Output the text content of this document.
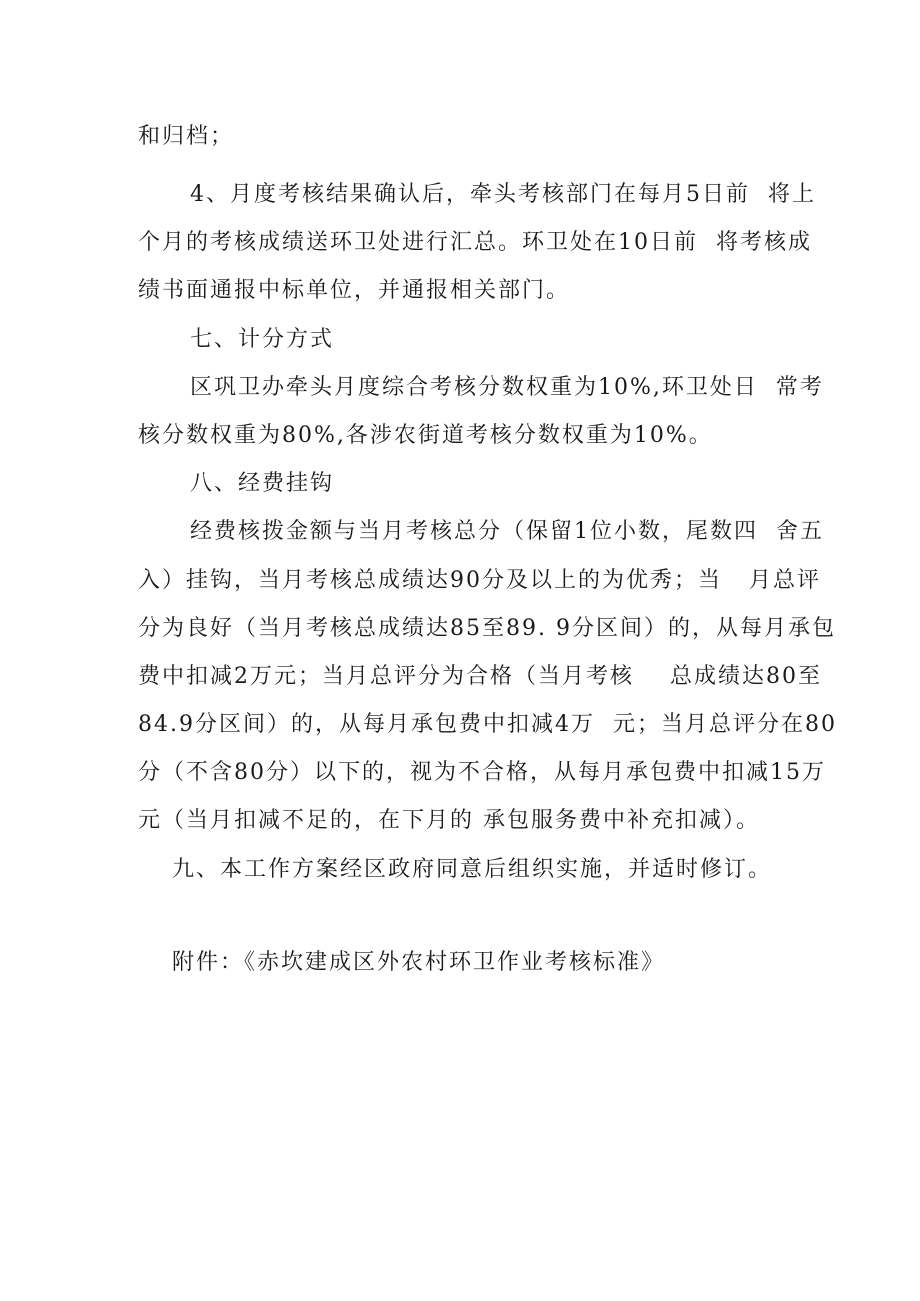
和归档；
4、月度考核结果确认后，牵头考核部门在每月5日前  将上
个月的考核成绩送环卫处进行汇总。环卫处在10日前  将考核成
绩书面通报中标单位，并通报相关部门。
七、计分方式
区巩卫办牵头月度综合考核分数权重为10%,环卫处日  常考
核分数权重为80%,各涉农街道考核分数权重为10%。
八、经费挂钩
经费核拨金额与当月考核总分（保留1位小数，尾数四  舍五
入）挂钩，当月考核总成绩达90分及以上的为优秀；当   月总评
分为良好（当月考核总成绩达85至89. 9分区间）的，从每月承包
费中扣减2万元；当月总评分为合格（当月考核    总成绩达80至
84.9分区间）的，从每月承包费中扣减4万  元；当月总评分在80
分（不含80分）以下的，视为不合格，从每月承包费中扣减15万
元（当月扣减不足的，在下月的 承包服务费中补充扣减）。
九、本工作方案经区政府同意后组织实施，并适时修订。
附件：《赤坎建成区外农村环卫作业考核标准》
